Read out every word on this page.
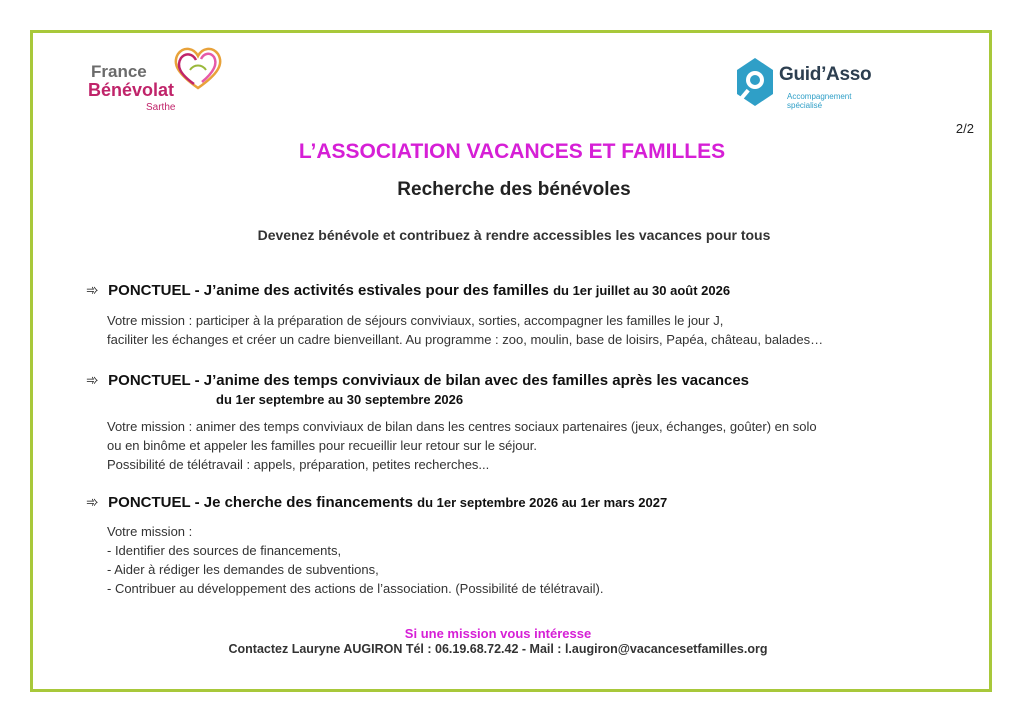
France
Bénévolat
Sarthe
Guid’Asso
Accompagnement spécialisé
2/2
L’ASSOCIATION VACANCES ET FAMILLES
Recherche des bénévoles
Devenez bénévole et contribuez à rendre accessibles les vacances pour tous
➾ PONCTUEL - J’anime des activités estivales pour des familles du 1er juillet au 30 août 2026
Votre mission : participer à la préparation de séjours conviviaux, sorties, accompagner les familles le jour J,
faciliter les échanges et créer un cadre bienveillant. Au programme : zoo, moulin, base de loisirs, Papéa, château, balades…
➾ PONCTUEL - J’anime des temps conviviaux de bilan avec des familles après les vacances
du 1er septembre au 30 septembre 2026
Votre mission : animer des temps conviviaux de bilan dans les centres sociaux partenaires (jeux, échanges, goûter) en solo
ou en binôme et appeler les familles pour recueillir leur retour sur le séjour.
Possibilité de télétravail : appels, préparation, petites recherches...
➾ PONCTUEL - Je cherche des financements du 1er septembre 2026 au 1er mars 2027
Votre mission :
- Identifier des sources de financements,
- Aider à rédiger les demandes de subventions,
- Contribuer au développement des actions de l’association. (Possibilité de télétravail).
Si une mission vous intéresse
Contactez Lauryne AUGIRON Tél : 06.19.68.72.42 - Mail : l.augiron@vacancesetfamilles.org
